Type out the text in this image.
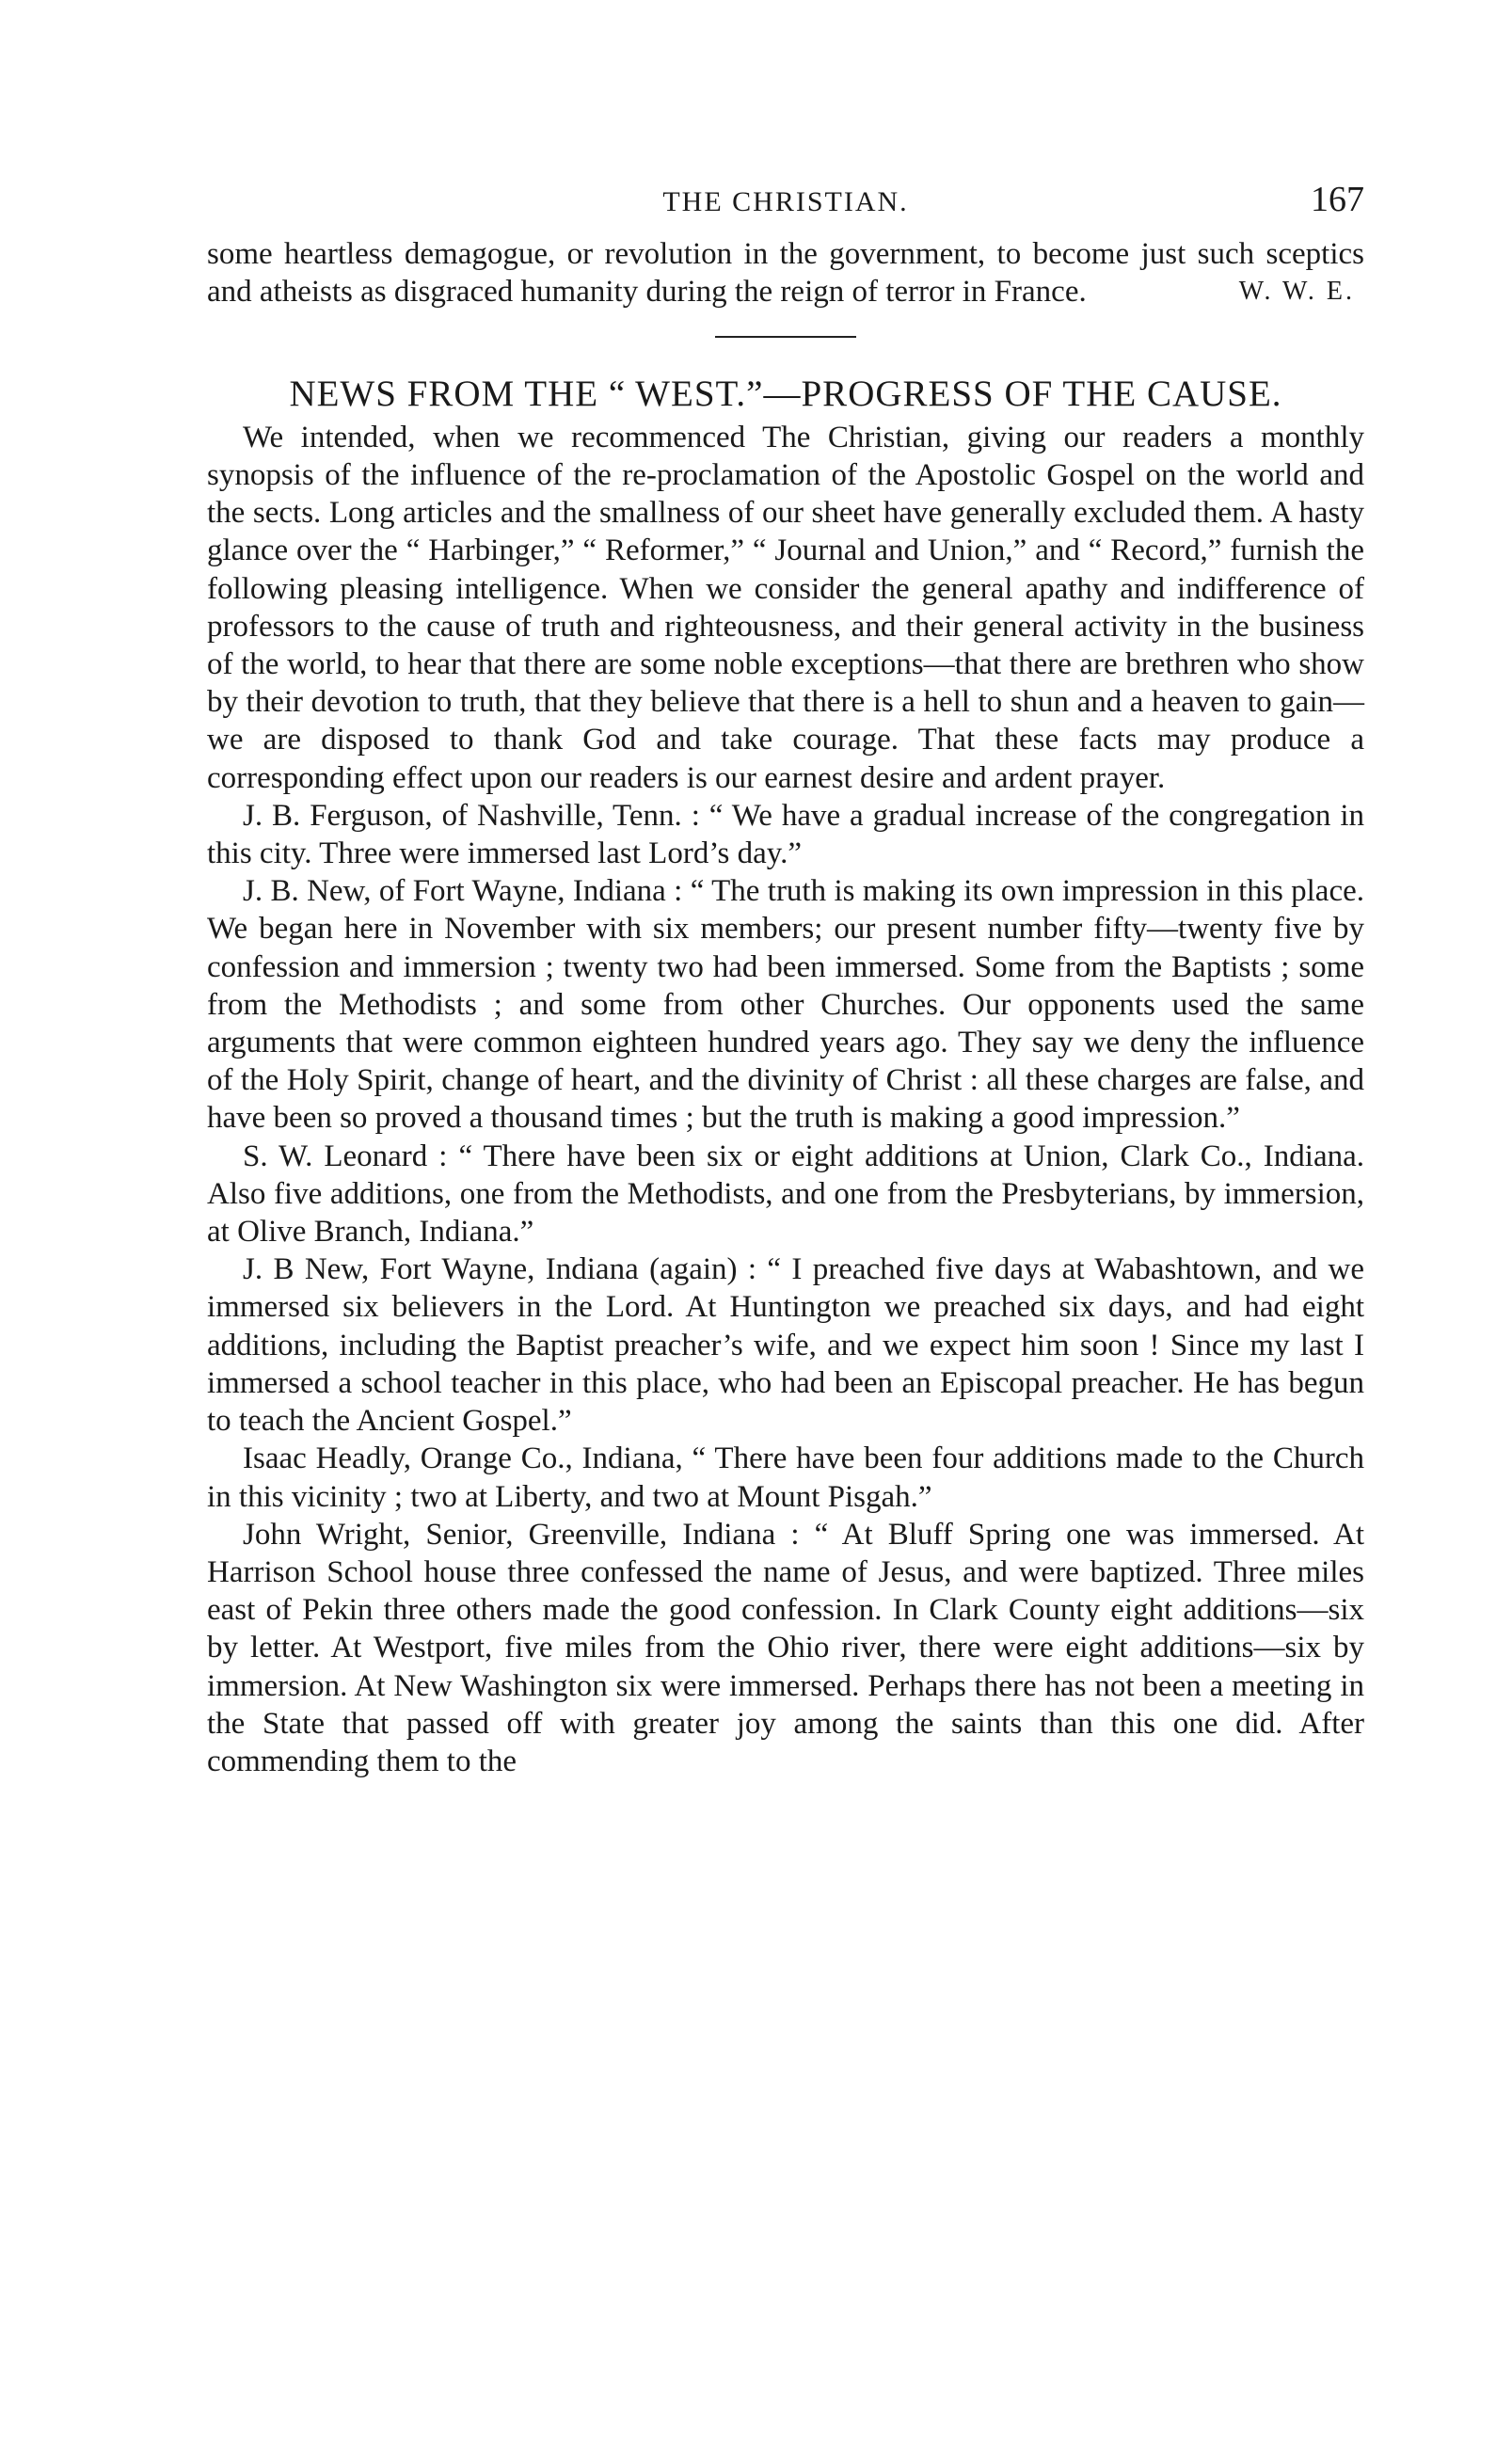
THE CHRISTIAN.	167

some heartless demagogue, or revolution in the government, to become just such sceptics and atheists as disgraced humanity during the reign of terror in France.	W. W. E.

NEWS FROM THE “ WEST.”—PROGRESS OF THE CAUSE.

We intended, when we recommenced The Christian, giving our readers a monthly synopsis of the influence of the re-proclamation of the Apostolic Gospel on the world and the sects. Long articles and the smallness of our sheet have generally excluded them. A hasty glance over the “ Harbinger,” “ Reformer,” “ Journal and Union,” and “ Record,” furnish the following pleasing intelligence. When we consider the general apathy and indifference of professors to the cause of truth and righteousness, and their general activity in the business of the world, to hear that there are some noble exceptions—that there are brethren who show by their devotion to truth, that they believe that there is a hell to shun and a heaven to gain—we are disposed to thank God and take courage. That these facts may produce a corresponding effect upon our readers is our earnest desire and ardent prayer.

J. B. Ferguson, of Nashville, Tenn. : “ We have a gradual increase of the congregation in this city. Three were immersed last Lord’s day.”

J. B. New, of Fort Wayne, Indiana : “ The truth is making its own impression in this place. We began here in November with six members; our present number fifty—twenty five by confession and immersion ; twenty two had been immersed. Some from the Baptists ; some from the Methodists ; and some from other Churches. Our opponents used the same arguments that were common eighteen hundred years ago. They say we deny the influence of the Holy Spirit, change of heart, and the divinity of Christ : all these charges are false, and have been so proved a thousand times ; but the truth is making a good impression.”

S. W. Leonard : “ There have been six or eight additions at Union, Clark Co., Indiana. Also five additions, one from the Methodists, and one from the Presbyterians, by immersion, at Olive Branch, Indiana.”

J. B New, Fort Wayne, Indiana (again) : “ I preached five days at Wabashtown, and we immersed six believers in the Lord. At Huntington we preached six days, and had eight additions, including the Baptist preacher’s wife, and we expect him soon ! Since my last I immersed a school teacher in this place, who had been an Episcopal preacher. He has begun to teach the Ancient Gospel.”

Isaac Headly, Orange Co., Indiana, “ There have been four additions made to the Church in this vicinity ; two at Liberty, and two at Mount Pisgah.”

John Wright, Senior, Greenville, Indiana : “ At Bluff Spring one was immersed. At Harrison School house three confessed the name of Jesus, and were baptized. Three miles east of Pekin three others made the good confession. In Clark County eight additions—six by letter. At Westport, five miles from the Ohio river, there were eight additions—six by immersion. At New Washington six were immersed. Perhaps there has not been a meeting in the State that passed off with greater joy among the saints than this one did. After commending them to the
